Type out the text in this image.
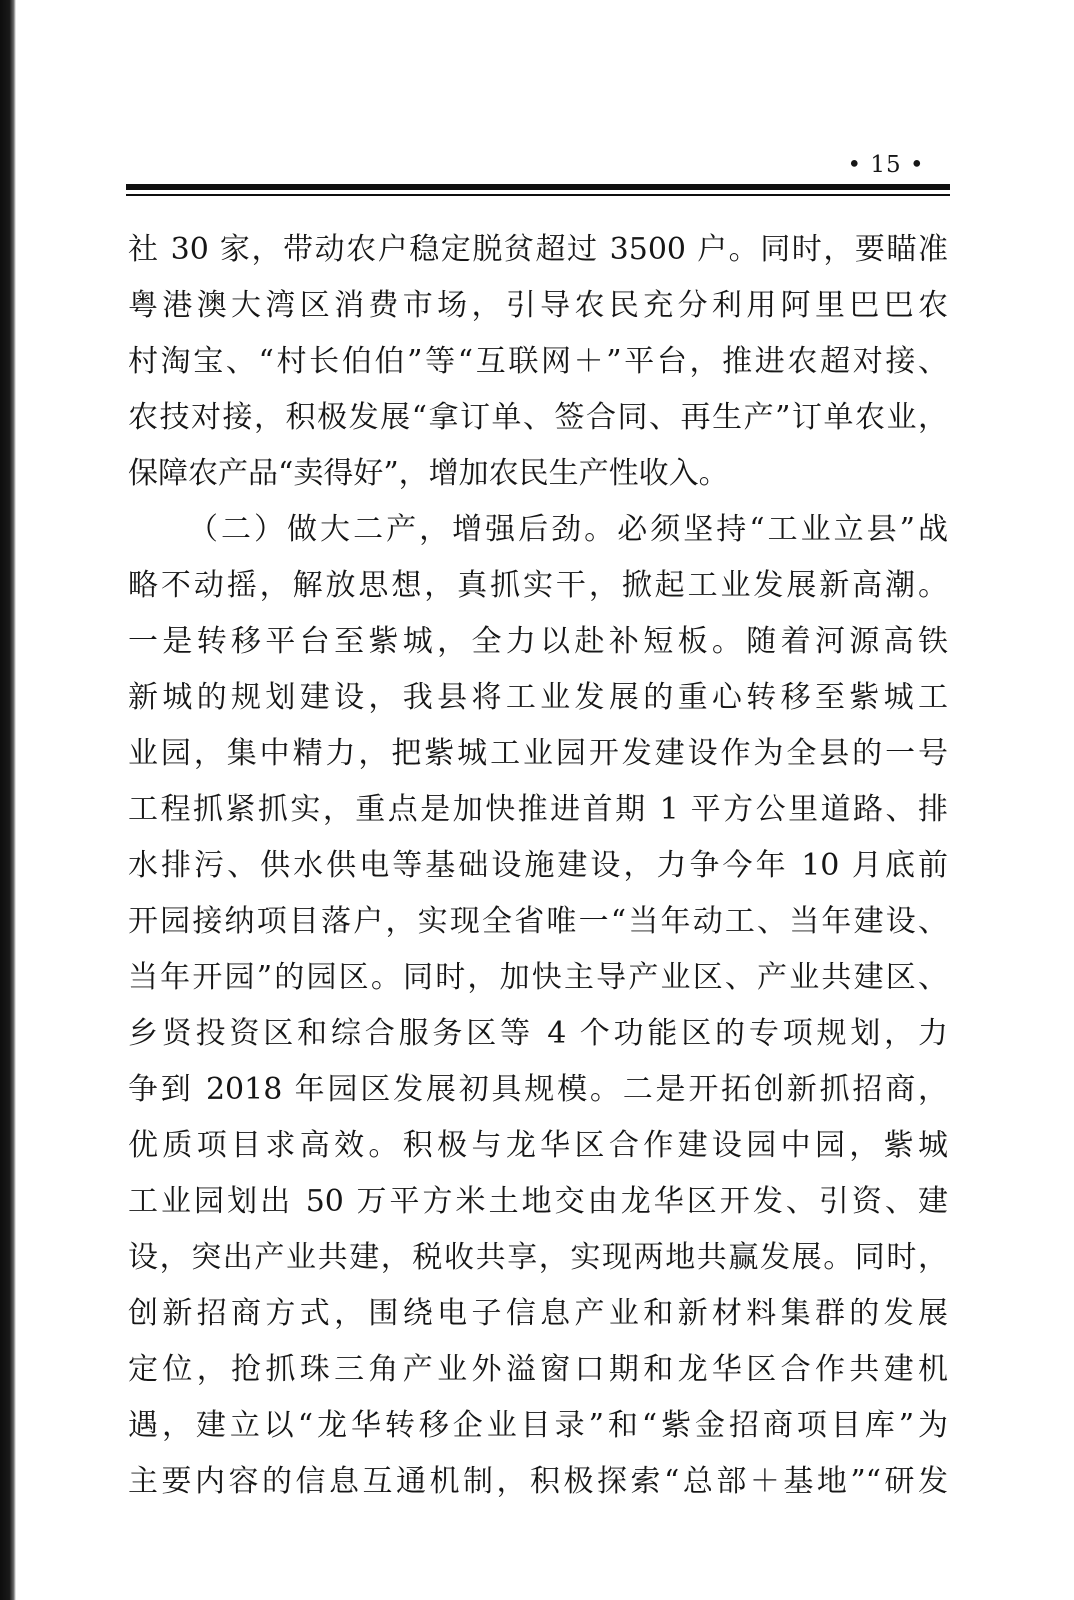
• 15 •
社 30 家，带动农户稳定脱贫超过 3500 户。同时，要瞄准
粤港澳大湾区消费市场，引导农民充分利用阿里巴巴农
村淘宝、“村长伯伯”等“互联网＋”平台，推进农超对接、
农技对接，积极发展“拿订单、签合同、再生产”订单农业，
保障农产品“卖得好”，增加农民生产性收入。
（二）做大二产，增强后劲。必须坚持“工业立县”战
略不动摇，解放思想，真抓实干，掀起工业发展新高潮。
一是转移平台至紫城，全力以赴补短板。随着河源高铁
新城的规划建设，我县将工业发展的重心转移至紫城工
业园，集中精力，把紫城工业园开发建设作为全县的一号
工程抓紧抓实，重点是加快推进首期 1 平方公里道路、排
水排污、供水供电等基础设施建设，力争今年 10 月底前
开园接纳项目落户，实现全省唯一“当年动工、当年建设、
当年开园”的园区。同时，加快主导产业区、产业共建区、
乡贤投资区和综合服务区等 4 个功能区的专项规划，力
争到 2018 年园区发展初具规模。二是开拓创新抓招商，
优质项目求高效。积极与龙华区合作建设园中园，紫城
工业园划出 50 万平方米土地交由龙华区开发、引资、建
设，突出产业共建，税收共享，实现两地共赢发展。同时，
创新招商方式，围绕电子信息产业和新材料集群的发展
定位，抢抓珠三角产业外溢窗口期和龙华区合作共建机
遇，建立以“龙华转移企业目录”和“紫金招商项目库”为
主要内容的信息互通机制，积极探索“总部＋基地”“研发
